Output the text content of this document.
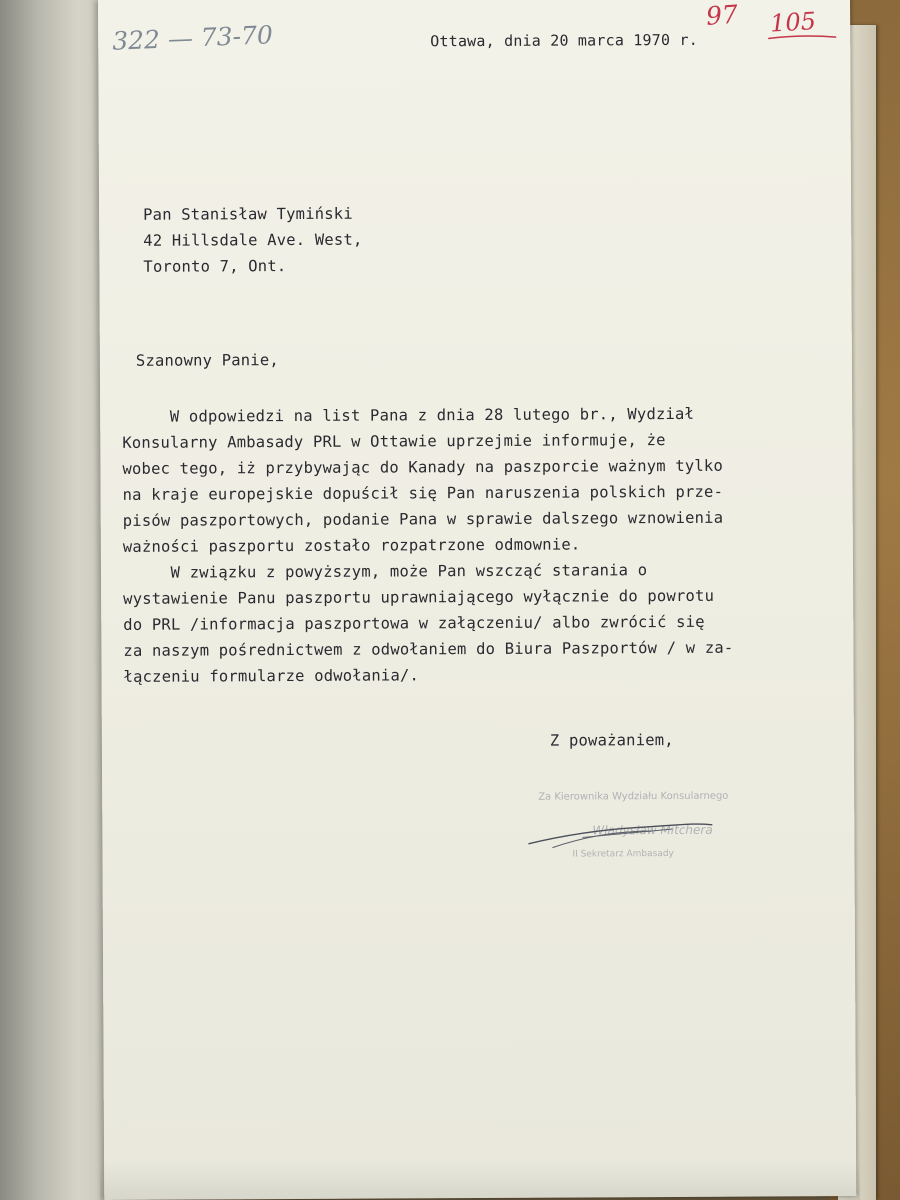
322 — 73-70
97 105

Ottawa, dnia 20 marca 1970 r.

Pan Stanisław Tymiński

42 Hillsdale Ave. West,

Toronto 7, Ont.

Szanowny Panie,

W odpowiedzi na list Pana z dnia 28 lutego br., Wydział

Konsularny Ambasady PRL w Ottawie uprzejmie informuje, że

wobec tego, iż przybywając do Kanady na paszporcie ważnym tylko

na kraje europejskie dopuścił się Pan naruszenia polskich prze-

pisów paszportowych, podanie Pana w sprawie dalszego wznowienia

ważności paszportu zostało rozpatrzone odmownie.

W związku z powyższym, może Pan wszcząć starania o

wystawienie Panu paszportu uprawniającego wyłącznie do powrotu

do PRL /informacja paszportowa w załączeniu/ albo zwrócić się

za naszym pośrednictwem z odwołaniem do Biura Paszportów / w za-

łączeniu formularze odwołania/.

Z poważaniem,

Za Kierownika Wydziału Konsularnego
Władysław Mitchera
II Sekretarz Ambasady
